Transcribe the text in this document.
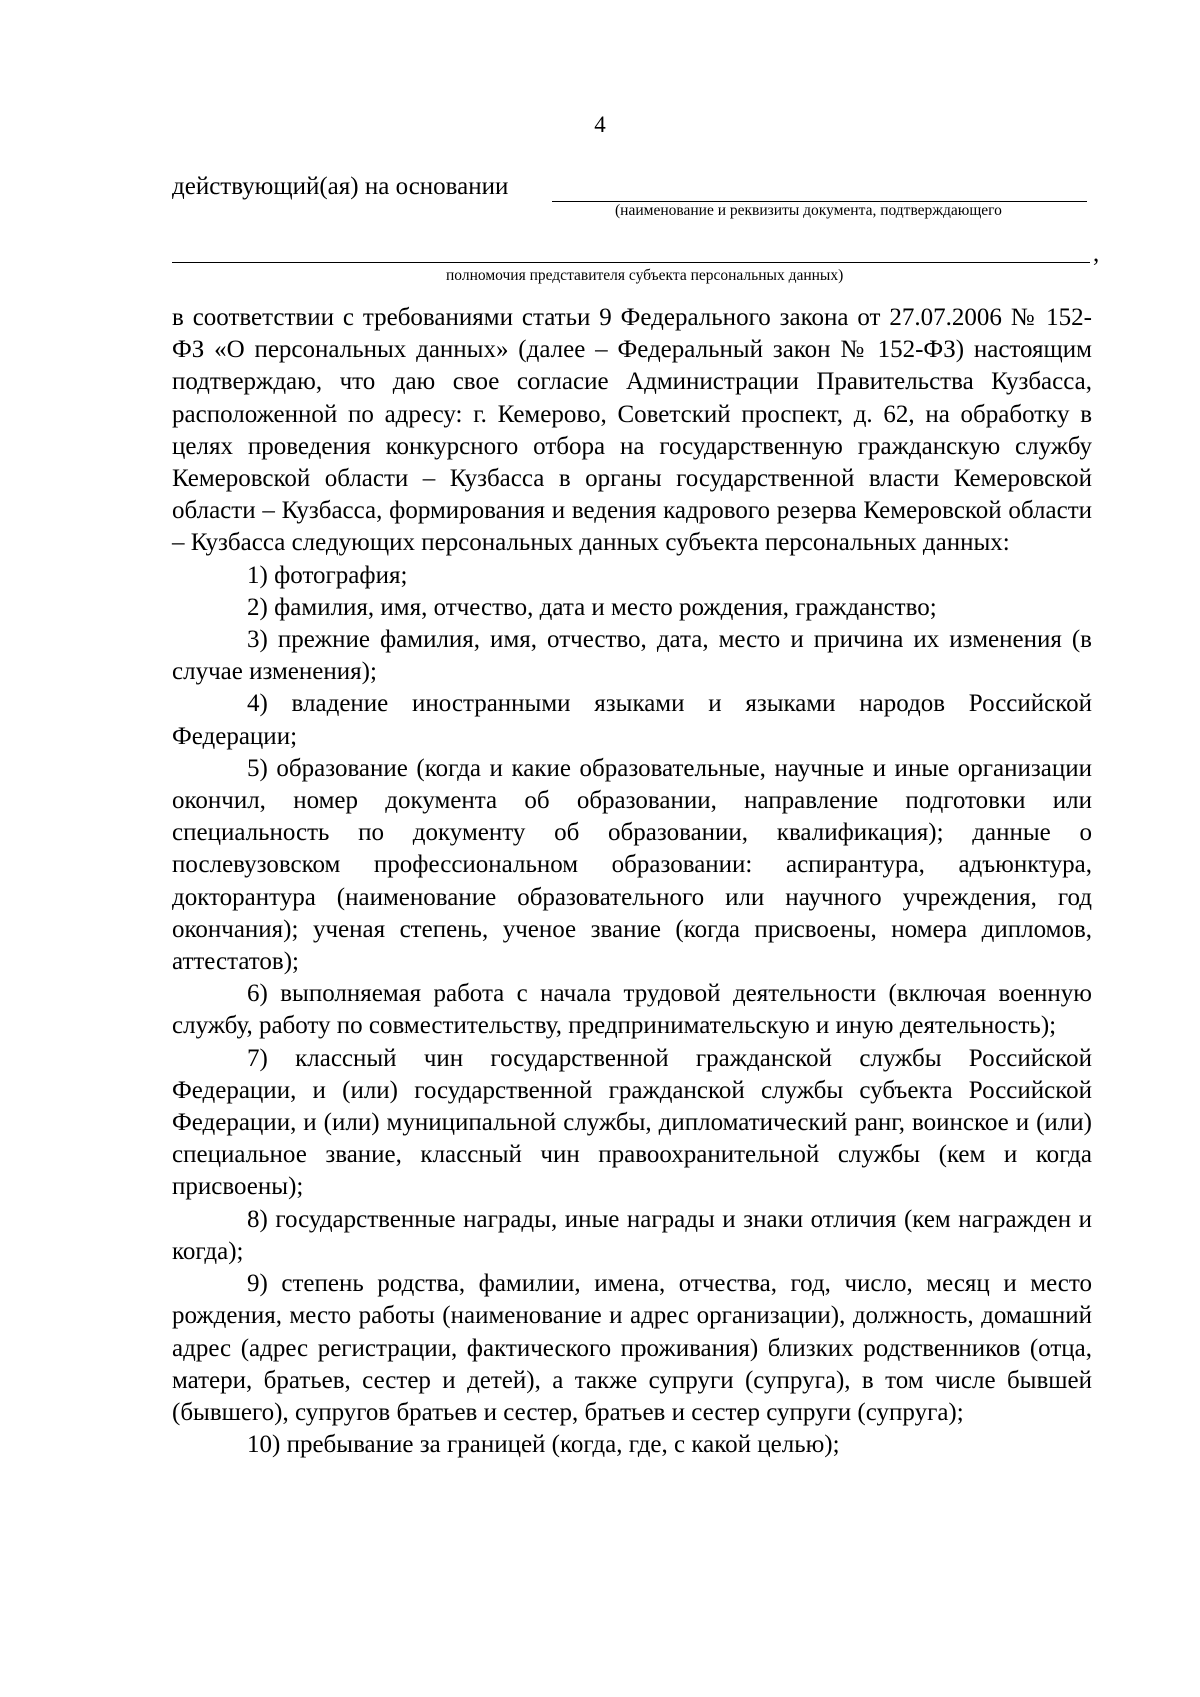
4
действующий(ая) на основании
(наименование и реквизиты документа, подтверждающего
,
полномочия представителя субъекта персональных данных)

в соответствии с требованиями статьи 9 Федерального закона от 27.07.2006 № 152-ФЗ «О персональных данных» (далее – Федеральный закон № 152-ФЗ) настоящим подтверждаю, что даю свое согласие Администрации Правительства Кузбасса, расположенной по адресу: г. Кемерово, Советский проспект, д. 62, на обработку в целях проведения конкурсного отбора на государственную гражданскую службу Кемеровской области – Кузбасса в органы государственной власти Кемеровской области – Кузбасса, формирования и ведения кадрового резерва Кемеровской области – Кузбасса следующих персональных данных субъекта персональных данных:

1) фотография;

2) фамилия, имя, отчество, дата и место рождения, гражданство;

3) прежние фамилия, имя, отчество, дата, место и причина их изменения (в случае изменения);

4) владение иностранными языками и языками народов Российской Федерации;

5) образование (когда и какие образовательные, научные и иные организации окончил, номер документа об образовании, направление подготовки или специальность по документу об образовании, квалификация); данные о послевузовском профессиональном образовании: аспирантура, адъюнктура, докторантура (наименование образовательного или научного учреждения, год окончания); ученая степень, ученое звание (когда присвоены, номера дипломов, аттестатов);

6) выполняемая работа с начала трудовой деятельности (включая военную службу, работу по совместительству, предпринимательскую и иную деятельность);

7) классный чин государственной гражданской службы Российской Федерации, и (или) государственной гражданской службы субъекта Российской Федерации, и (или) муниципальной службы, дипломатический ранг, воинское и (или) специальное звание, классный чин правоохранительной службы (кем и когда присвоены);

8) государственные награды, иные награды и знаки отличия (кем награжден и когда);

9) степень родства, фамилии, имена, отчества, год, число, месяц и место рождения, место работы (наименование и адрес организации), должность, домашний адрес (адрес регистрации, фактического проживания) близких родственников (отца, матери, братьев, сестер и детей), а также супруги (супруга), в том числе бывшей (бывшего), супругов братьев и сестер, братьев и сестер супруги (супруга);

10) пребывание за границей (когда, где, с какой целью);
